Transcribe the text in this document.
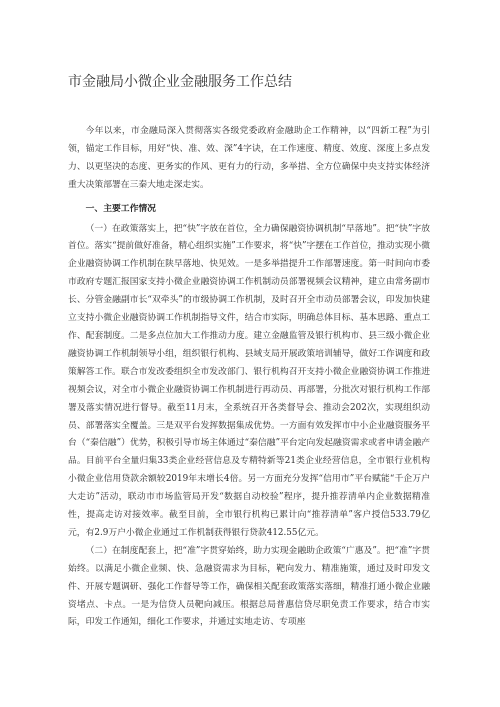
市金融局小微企业金融服务工作总结

今年以来，市金融局深入贯彻落实各级党委政府金融助企工作精神，以“四新工程”为引领，锚定工作目标，用好“快、准、效、深”4字诀，在工作速度、精度、效度、深度上多点发力、以更坚决的态度、更务实的作风、更有力的行动，多举措、全方位确保中央支持实体经济重大决策部署在三秦大地走深走实。

一、主要工作情况

（一）在政策落实上，把“快”字放在首位，全力确保融资协调机制“早落地”。把“快”字放首位。落实“提前做好准备，精心组织实施”工作要求，将“快”字摆在工作首位，推动实现小微企业融资协调工作机制在陕早落地、快见效。一是多举措提升工作部署速度。第一时间向市委市政府专题汇报国家支持小微企业融资协调工作机制动员部署视频会议精神，建立由常务副市长、分管金融副市长“双牵头”的市级协调工作机制，及时召开全市动员部署会议，印发加快建立支持小微企业融资协调工作机制指导文件，结合市实际，明确总体目标、基本思路、重点工作、配套制度。二是多点位加大工作推动力度。建立金融监管及银行机构市、县三级小微企业融资协调工作机制领导小组，组织银行机构、县域支局开展政策培训辅导，做好工作调度和政策解答工作。联合市发改委组织全市发改部门、银行机构召开支持小微企业融资协调工作推进视频会议，对全市小微企业融资协调工作机制进行再动员、再部署，分批次对银行机构工作部署及落实情况进行督导。截至11月末，全系统召开各类督导会、推动会202次，实现组织动员、部署落实全覆盖。三是双平台发挥数据集成优势。一方面有效发挥市中小企业融资服务平台（“秦信融”）优势，积极引导市场主体通过“秦信融”平台定向发起融资需求或者申请金融产品。目前平台全量归集33类企业经营信息及专精特新等21类企业经营信息，全市银行业机构小微企业信用贷款余额较2019年末增长4倍。另一方面充分发挥“信用市”平台赋能“千企万户大走访”活动，联动市市场监管局开发“数据自动校验”程序，提升推荐清单内企业数据精准性，提高走访对接效率。截至目前，全市银行机构已累计向“推荐清单”客户授信533.79亿元，有2.9万户小微企业通过工作机制获得银行贷款412.55亿元。

（二）在制度配套上，把“准”字贯穿始终，助力实现金融助企政策“广惠及”。把“准”字贯始终。以满足小微企业频、快、急融资需求为目标，靶向发力、精准施策，通过及时印发文件、开展专题调研、强化工作督导等工作，确保相关配套政策落实落细，精准打通小微企业融资堵点、卡点。一是为信贷人员靶向减压。根据总局普惠信贷尽职免责工作要求，结合市实际，印发工作通知，细化工作要求，并通过实地走访、专项座
